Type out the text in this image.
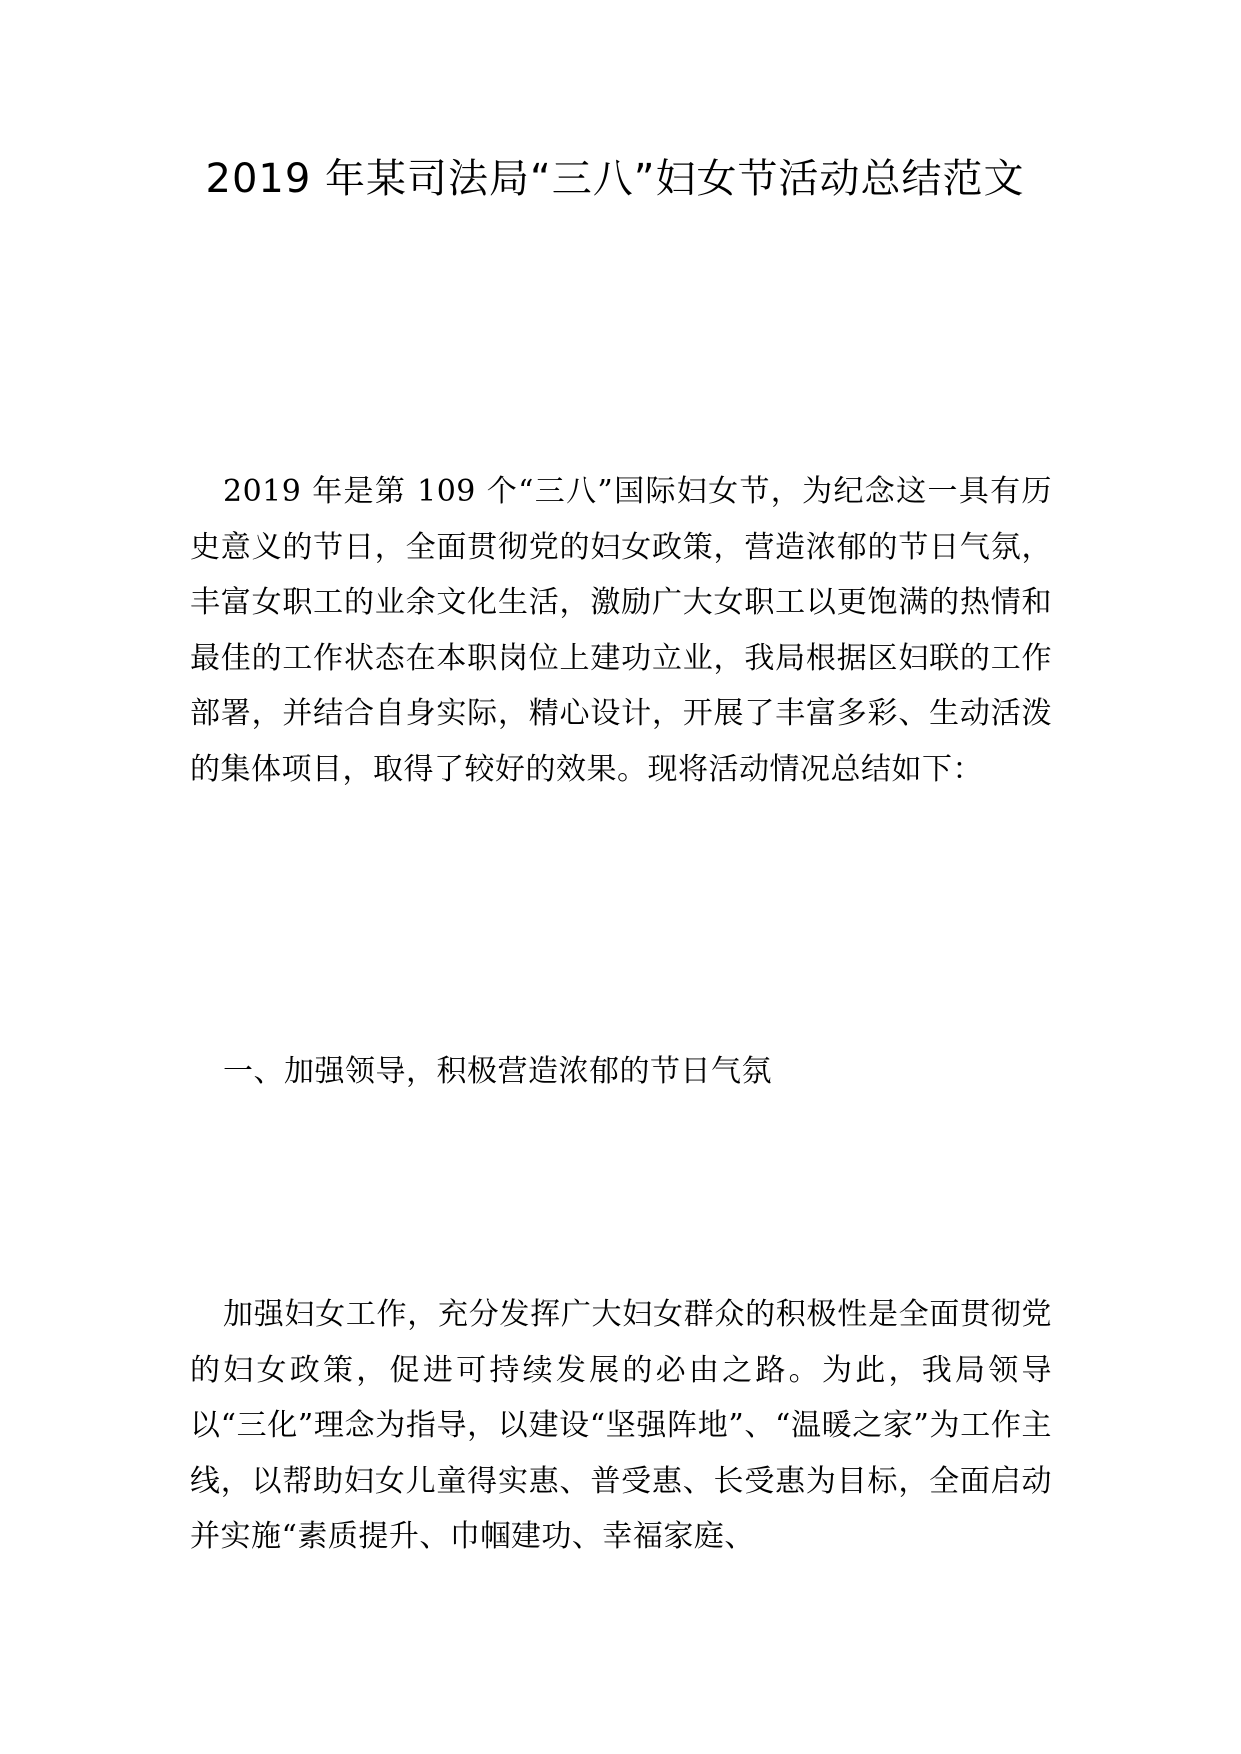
2019 年某司法局“三八”妇女节活动总结范文

2019 年是第 109 个“三八”国际妇女节，为纪念这一具有历史意义的节日，全面贯彻党的妇女政策，营造浓郁的节日气氛，丰富女职工的业余文化生活，激励广大女职工以更饱满的热情和最佳的工作状态在本职岗位上建功立业，我局根据区妇联的工作部署，并结合自身实际，精心设计，开展了丰富多彩、生动活泼的集体项目，取得了较好的效果。现将活动情况总结如下：

一、加强领导，积极营造浓郁的节日气氛

加强妇女工作，充分发挥广大妇女群众的积极性是全面贯彻党的妇女政策，促进可持续发展的必由之路。为此，我局领导以“三化”理念为指导，以建设“坚强阵地”、“温暖之家”为工作主线，以帮助妇女儿童得实惠、普受惠、长受惠为目标，全面启动并实施“素质提升、巾帼建功、幸福家庭、
